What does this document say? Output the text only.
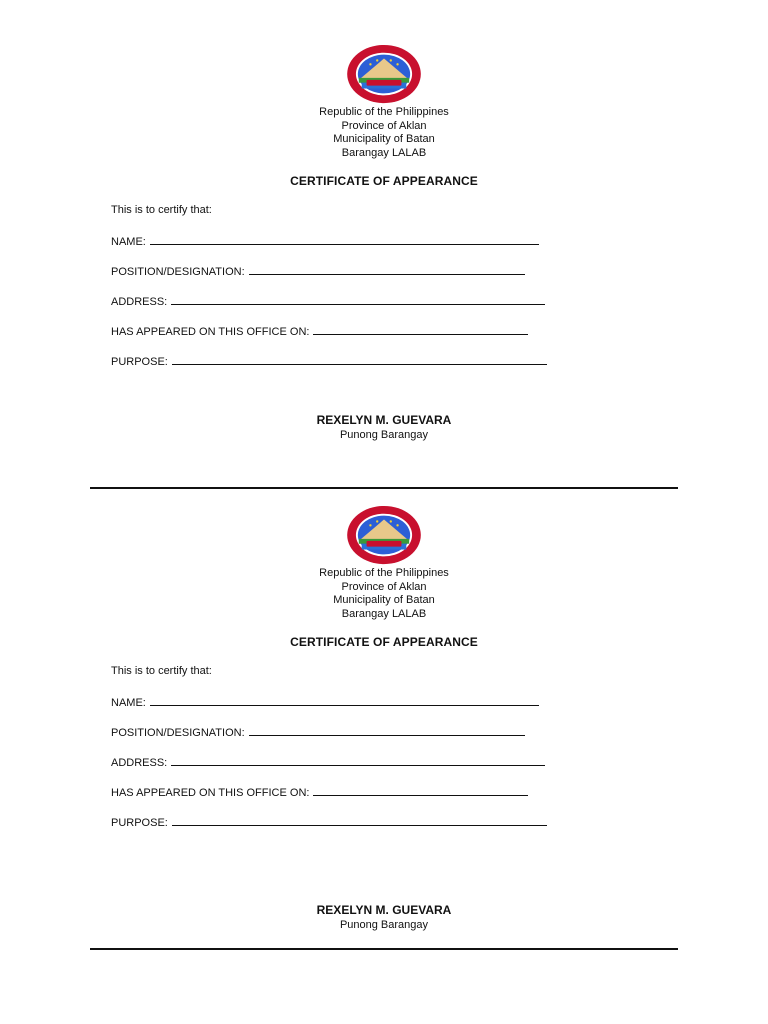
Republic of the Philippines
Province of Aklan
Municipality of Batan
Barangay LALAB
CERTIFICATE OF APPEARANCE
This is to certify that:
NAME:
POSITION/DESIGNATION:
ADDRESS:
HAS APPEARED ON THIS OFFICE ON:
PURPOSE:
REXELYN M. GUEVARA
Punong Barangay
Republic of the Philippines
Province of Aklan
Municipality of Batan
Barangay LALAB
CERTIFICATE OF APPEARANCE
This is to certify that:
NAME:
POSITION/DESIGNATION:
ADDRESS:
HAS APPEARED ON THIS OFFICE ON:
PURPOSE:
REXELYN M. GUEVARA
Punong Barangay
